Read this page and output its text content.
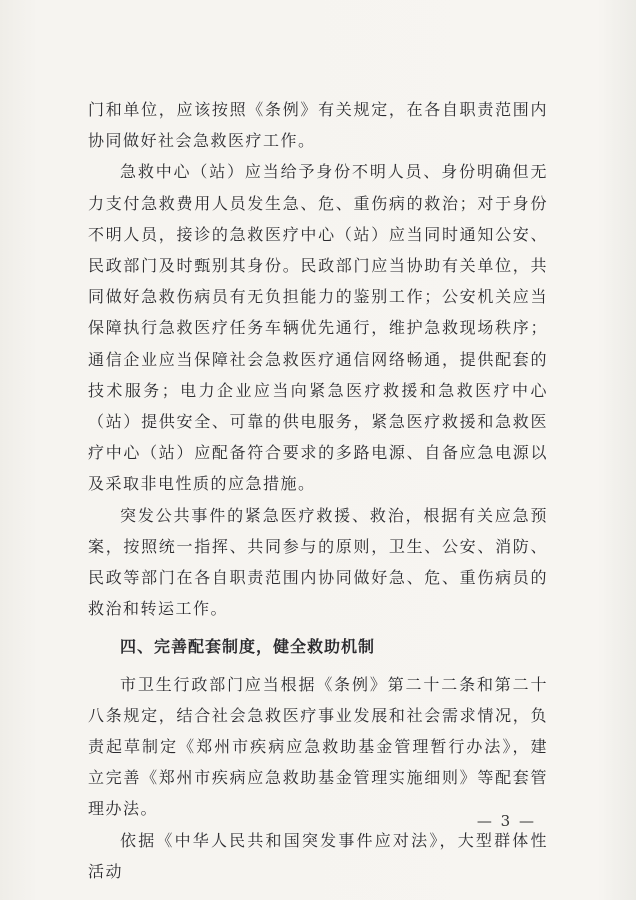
门和单位，应该按照《条例》有关规定，在各自职责范围内协同做好社会急救医疗工作。

急救中心（站）应当给予身份不明人员、身份明确但无力支付急救费用人员发生急、危、重伤病的救治；对于身份不明人员，接诊的急救医疗中心（站）应当同时通知公安、民政部门及时甄别其身份。民政部门应当协助有关单位，共同做好急救伤病员有无负担能力的鉴别工作；公安机关应当保障执行急救医疗任务车辆优先通行，维护急救现场秩序；通信企业应当保障社会急救医疗通信网络畅通，提供配套的技术服务；电力企业应当向紧急医疗救援和急救医疗中心（站）提供安全、可靠的供电服务，紧急医疗救援和急救医疗中心（站）应配备符合要求的多路电源、自备应急电源以及采取非电性质的应急措施。

突发公共事件的紧急医疗救援、救治，根据有关应急预案，按照统一指挥、共同参与的原则，卫生、公安、消防、民政等部门在各自职责范围内协同做好急、危、重伤病员的救治和转运工作。

四、完善配套制度，健全救助机制

市卫生行政部门应当根据《条例》第二十二条和第二十八条规定，结合社会急救医疗事业发展和社会需求情况，负责起草制定《郑州市疾病应急救助基金管理暂行办法》，建立完善《郑州市疾病应急救助基金管理实施细则》等配套管理办法。

依据《中华人民共和国突发事件应对法》，大型群体性活动

— 3 —
